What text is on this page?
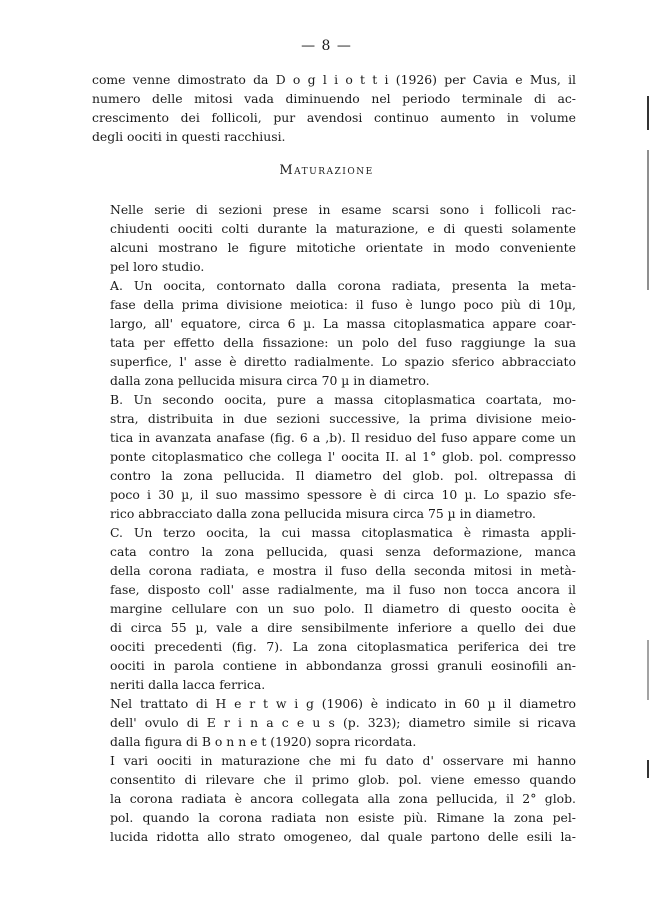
— 8 —
come venne dimostrato da D o g l i o t t i (1926) per Cavia e Mus, il
numero delle mitosi vada diminuendo nel periodo terminale di ac-
crescimento dei follicoli, pur avendosi continuo aumento in volume
degli oociti in questi racchiusi.
Maturazione
Nelle serie di sezioni prese in esame scarsi sono i follicoli rac-
chiudenti oociti colti durante la maturazione, e di questi solamente
alcuni mostrano le figure mitotiche orientate in modo conveniente
pel loro studio.
A. Un oocita, contornato dalla corona radiata, presenta la meta-
fase della prima divisione meiotica: il fuso è lungo poco più di 10µ,
largo, all' equatore, circa 6 µ. La massa citoplasmatica appare coar-
tata per effetto della fissazione: un polo del fuso raggiunge la sua
superfice, l' asse è diretto radialmente. Lo spazio sferico abbracciato
dalla zona pellucida misura circa 70 µ in diametro.
B. Un secondo oocita, pure a massa citoplasmatica coartata, mo-
stra, distribuita in due sezioni successive, la prima divisione meio-
tica in avanzata anafase (fig. 6 a ,b). Il residuo del fuso appare come un
ponte citoplasmatico che collega l' oocita II. al 1° glob. pol. compresso
contro la zona pellucida. Il diametro del glob. pol. oltrepassa di
poco i 30 µ, il suo massimo spessore è di circa 10 µ. Lo spazio sfe-
rico abbracciato dalla zona pellucida misura circa 75 µ in diametro.
C. Un terzo oocita, la cui massa citoplasmatica è rimasta appli-
cata contro la zona pellucida, quasi senza deformazione, manca
della corona radiata, e mostra il fuso della seconda mitosi in metà-
fase, disposto coll' asse radialmente, ma il fuso non tocca ancora il
margine cellulare con un suo polo. Il diametro di questo oocita è
di circa 55 µ, vale a dire sensibilmente inferiore a quello dei due
oociti precedenti (fig. 7). La zona citoplasmatica periferica dei tre
oociti in parola contiene in abbondanza grossi granuli eosinofili an-
neriti dalla lacca ferrica.
Nel trattato di H e r t w i g (1906) è indicato in 60 µ il diametro
dell' ovulo di E r i n a c e u s (p. 323); diametro simile si ricava
dalla figura di B o n n e t (1920) sopra ricordata.
I vari oociti in maturazione che mi fu dato d' osservare mi hanno
consentito di rilevare che il primo glob. pol. viene emesso quando
la corona radiata è ancora collegata alla zona pellucida, il 2° glob.
pol. quando la corona radiata non esiste più. Rimane la zona pel-
lucida ridotta allo strato omogeneo, dal quale partono delle esili la-
